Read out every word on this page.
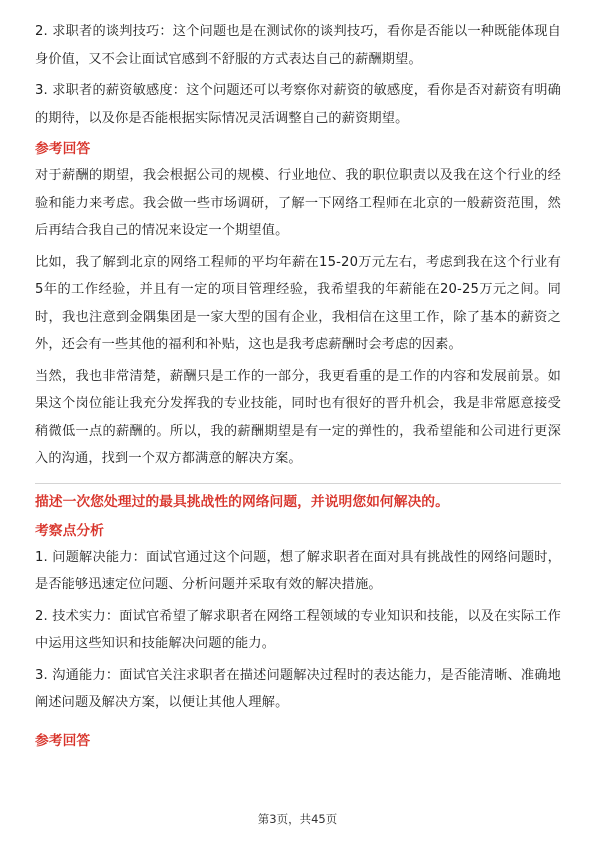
2. 求职者的谈判技巧：这个问题也是在测试你的谈判技巧，看你是否能以一种既能体现自身价值，又不会让面试官感到不舒服的方式表达自己的薪酬期望。

3. 求职者的薪资敏感度：这个问题还可以考察你对薪资的敏感度，看你是否对薪资有明确的期待，以及你是否能根据实际情况灵活调整自己的薪资期望。

参考回答

对于薪酬的期望，我会根据公司的规模、行业地位、我的职位职责以及我在这个行业的经验和能力来考虑。我会做一些市场调研，了解一下网络工程师在北京的一般薪资范围，然后再结合我自己的情况来设定一个期望值。

比如，我了解到北京的网络工程师的平均年薪在15-20万元左右，考虑到我在这个行业有5年的工作经验，并且有一定的项目管理经验，我希望我的年薪能在20-25万元之间。同时，我也注意到金隅集团是一家大型的国有企业，我相信在这里工作，除了基本的薪资之外，还会有一些其他的福利和补贴，这也是我考虑薪酬时会考虑的因素。

当然，我也非常清楚，薪酬只是工作的一部分，我更看重的是工作的内容和发展前景。如果这个岗位能让我充分发挥我的专业技能，同时也有很好的晋升机会，我是非常愿意接受稍微低一点的薪酬的。所以，我的薪酬期望是有一定的弹性的，我希望能和公司进行更深入的沟通，找到一个双方都满意的解决方案。

描述一次您处理过的最具挑战性的网络问题，并说明您如何解决的。
考察点分析

1. 问题解决能力：面试官通过这个问题，想了解求职者在面对具有挑战性的网络问题时，是否能够迅速定位问题、分析问题并采取有效的解决措施。

2. 技术实力：面试官希望了解求职者在网络工程领域的专业知识和技能，以及在实际工作中运用这些知识和技能解决问题的能力。

3. 沟通能力：面试官关注求职者在描述问题解决过程时的表达能力，是否能清晰、准确地阐述问题及解决方案，以便让其他人理解。

参考回答
第3页，共45页
